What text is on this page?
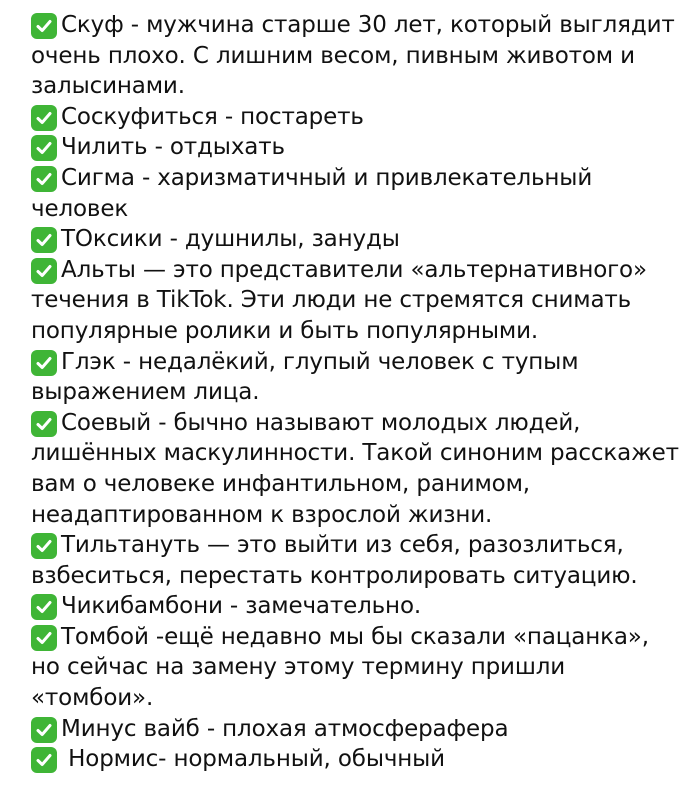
Скуф - мужчина старше 30 лет, который выглядит очень плохо. С лишним весом, пивным животом и залысинами.
Соскуфиться - постареть
Чилить - отдыхать
Сигма - харизматичный и привлекательный человек
ТОксики - душнилы, зануды
Альты — это представители «альтернативного» течения в TikTok. Эти люди не стремятся снимать популярные ролики и быть популярными.
Глэк - недалёкий, глупый человек с тупым выражением лица.
Соевый - бычно называют молодых людей, лишённых маскулинности. Такой синоним расскажет вам о человеке инфантильном, ранимом, неадаптированном к взрослой жизни.
Тильтануть — это выйти из себя, разозлиться, взбеситься, перестать контролировать ситуацию.
Чикибамбони - замечательно.
Томбой -ещё недавно мы бы сказали «пацанка», но сейчас на замену этому термину пришли «томбои».
Минус вайб - плохая атмосферафера
Нормис- нормальный, обычный
